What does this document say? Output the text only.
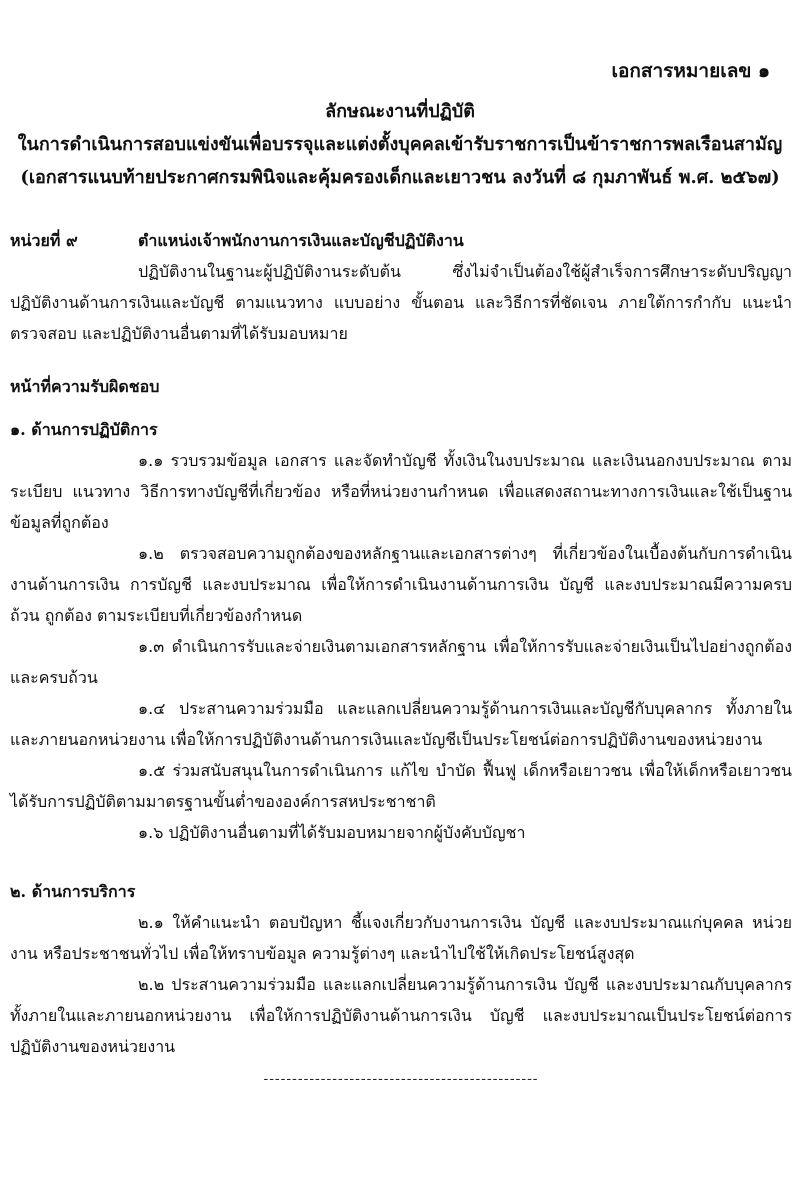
เอกสารหมายเลข ๑
ลักษณะงานที่ปฏิบัติ
ในการดำเนินการสอบแข่งขันเพื่อบรรจุและแต่งตั้งบุคคลเข้ารับราชการเป็นข้าราชการพลเรือนสามัญ
(เอกสารแนบท้ายประกาศกรมพินิจและคุ้มครองเด็กและเยาวชน ลงวันที่ ๘ กุมภาพันธ์ พ.ศ. ๒๕๖๗)
หน่วยที่ ๙	ตำแหน่งเจ้าพนักงานการเงินและบัญชีปฏิบัติงาน

ปฏิบัติงานในฐานะผู้ปฏิบัติงานระดับต้น ซึ่งไม่จำเป็นต้องใช้ผู้สำเร็จการศึกษาระดับปริญญา ปฏิบัติงานด้านการเงินและบัญชี ตามแนวทาง แบบอย่าง ขั้นตอน และวิธีการที่ชัดเจน ภายใต้การกำกับ แนะนำ ตรวจสอบ และปฏิบัติงานอื่นตามที่ได้รับมอบหมาย

หน้าที่ความรับผิดชอบ

๑. ด้านการปฏิบัติการ

๑.๑ รวบรวมข้อมูล เอกสาร และจัดทำบัญชี ทั้งเงินในงบประมาณ และเงินนอกงบประมาณ ตามระเบียบ แนวทาง วิธีการทางบัญชีที่เกี่ยวข้อง หรือที่หน่วยงานกำหนด เพื่อแสดงสถานะทางการเงินและใช้เป็นฐานข้อมูลที่ถูกต้อง

๑.๒ ตรวจสอบความถูกต้องของหลักฐานและเอกสารต่างๆ ที่เกี่ยวข้องในเบื้องต้นกับการดำเนินงานด้านการเงิน การบัญชี และงบประมาณ เพื่อให้การดำเนินงานด้านการเงิน บัญชี และงบประมาณมีความครบถ้วน ถูกต้อง ตามระเบียบที่เกี่ยวข้องกำหนด

๑.๓ ดำเนินการรับและจ่ายเงินตามเอกสารหลักฐาน เพื่อให้การรับและจ่ายเงินเป็นไปอย่างถูกต้องและครบถ้วน

๑.๔ ประสานความร่วมมือ และแลกเปลี่ยนความรู้ด้านการเงินและบัญชีกับบุคลากร ทั้งภายในและภายนอกหน่วยงาน เพื่อให้การปฏิบัติงานด้านการเงินและบัญชีเป็นประโยชน์ต่อการปฏิบัติงานของหน่วยงาน

๑.๕ ร่วมสนับสนุนในการดำเนินการ แก้ไข บำบัด ฟื้นฟู เด็กหรือเยาวชน เพื่อให้เด็กหรือเยาวชนได้รับการปฏิบัติตามมาตรฐานขั้นต่ำขององค์การสหประชาชาติ

๑.๖ ปฏิบัติงานอื่นตามที่ได้รับมอบหมายจากผู้บังคับบัญชา

๒. ด้านการบริการ

๒.๑ ให้คำแนะนำ ตอบปัญหา ชี้แจงเกี่ยวกับงานการเงิน บัญชี และงบประมาณแก่บุคคล หน่วยงาน หรือประชาชนทั่วไป เพื่อให้ทราบข้อมูล ความรู้ต่างๆ และนำไปใช้ให้เกิดประโยชน์สูงสุด

๒.๒ ประสานความร่วมมือ และแลกเปลี่ยนความรู้ด้านการเงิน บัญชี และงบประมาณกับบุคลากรทั้งภายในและภายนอกหน่วยงาน เพื่อให้การปฏิบัติงานด้านการเงิน บัญชี และงบประมาณเป็นประโยชน์ต่อการปฏิบัติงานของหน่วยงาน

------------------------------------------------
